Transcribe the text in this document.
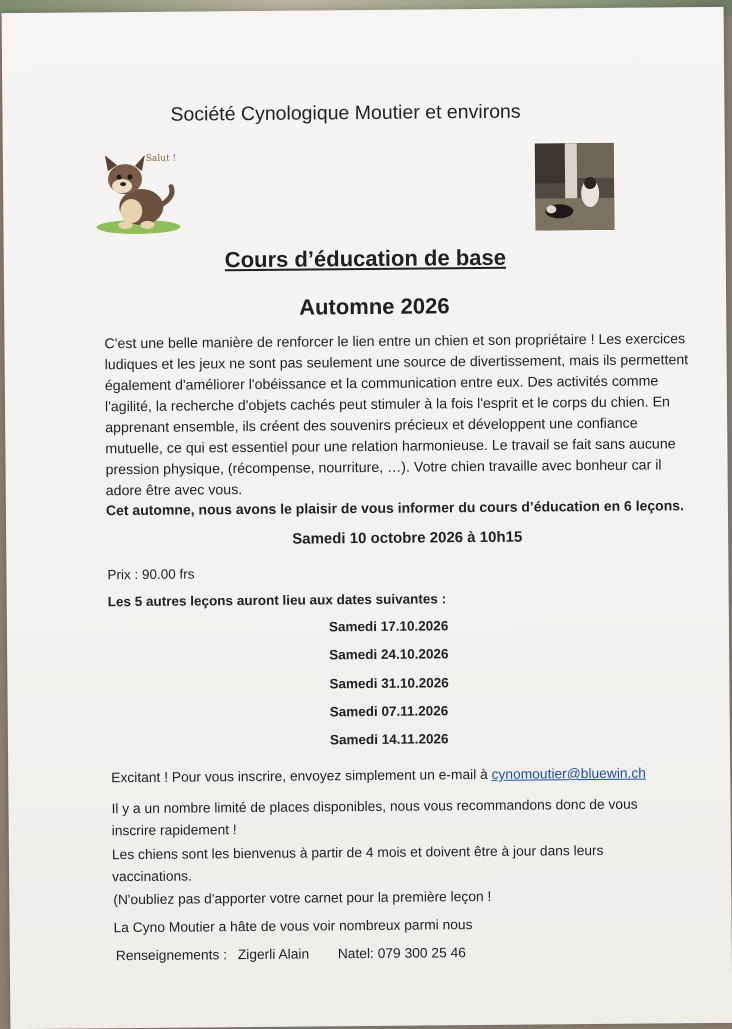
Société Cynologique Moutier et environs
Salut !
Cours d’éducation de base
Automne 2026
C'est une belle manière de renforcer le lien entre un chien et son propriétaire ! Les exercices
ludiques et les jeux ne sont pas seulement une source de divertissement, mais ils permettent
également d'améliorer l'obéissance et la communication entre eux. Des activités comme
l'agilité, la recherche d'objets cachés peut stimuler à la fois l'esprit et le corps du chien. En
apprenant ensemble, ils créent des souvenirs précieux et développent une confiance
mutuelle, ce qui est essentiel pour une relation harmonieuse. Le travail se fait sans aucune
pression physique, (récompense, nourriture, …). Votre chien travaille avec bonheur car il
adore être avec vous.
Cet automne, nous avons le plaisir de vous informer du cours d’éducation en 6 leçons.
Samedi 10 octobre 2026 à 10h15
Prix : 90.00 frs
Les 5 autres leçons auront lieu aux dates suivantes :
Samedi 17.10.2026
Samedi 24.10.2026
Samedi 31.10.2026
Samedi 07.11.2026
Samedi 14.11.2026
Excitant ! Pour vous inscrire, envoyez simplement un e-mail à cynomoutier@bluewin.ch
Il y a un nombre limité de places disponibles, nous vous recommandons donc de vous
inscrire rapidement !
Les chiens sont les bienvenus à partir de 4 mois et doivent être à jour dans leurs
vaccinations.
(N'oubliez pas d'apporter votre carnet pour la première leçon !
La Cyno Moutier a hâte de vous voir nombreux parmi nous
Renseignements : Zigerli Alain Natel: 079 300 25 46
